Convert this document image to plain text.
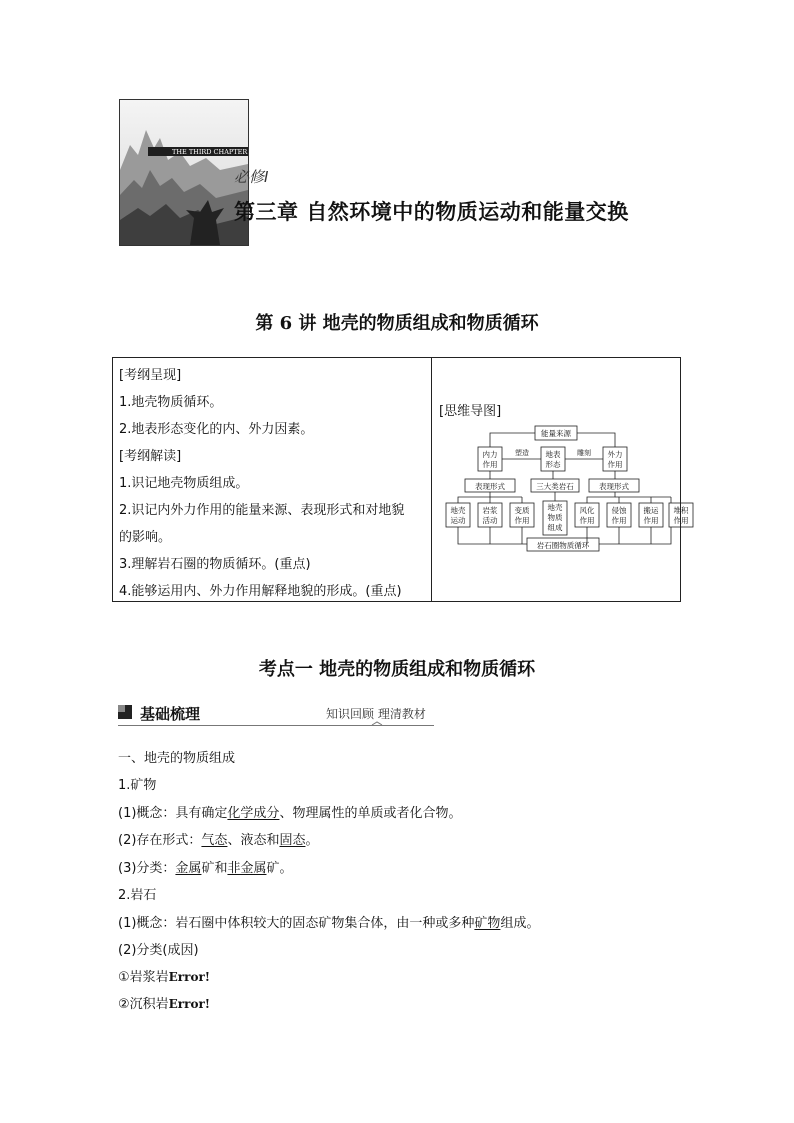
THE THIRD CHAPTER
必修Ⅰ
第三章 自然环境中的物质运动和能量交换
第 6 讲 地壳的物质组成和物质循环
[考纲呈现]
1.地壳物质循环。
2.地表形态变化的内、外力因素。
[考纲解读]
1.识记地壳物质组成。
2.识记内外力作用的能量来源、表现形式和对地貌
的影响。
3.理解岩石圈的物质循环。(重点)
4.能够运用内、外力作用解释地貌的形成。(重点)
[思维导图]
能量来源
内力
作用
外力
作用
地表
形态
塑造	雕刻
表现形式	三大类岩石	表现形式
地壳
运动
岩浆
活动
变质
作用
地壳
物质
组成
风化
作用
侵蚀
作用
搬运
作用
堆积
作用
岩石圈物质循环
考点一 地壳的物质组成和物质循环
基础梳理	知识回顾 理清教材
一、地壳的物质组成
1.矿物
(1)概念：具有确定化学成分、物理属性的单质或者化合物。
(2)存在形式：气态、液态和固态。
(3)分类：金属矿和非金属矿。
2.岩石
(1)概念：岩石圈中体积较大的固态矿物集合体，由一种或多种矿物组成。
(2)分类(成因)
①岩浆岩Error!
②沉积岩Error!
